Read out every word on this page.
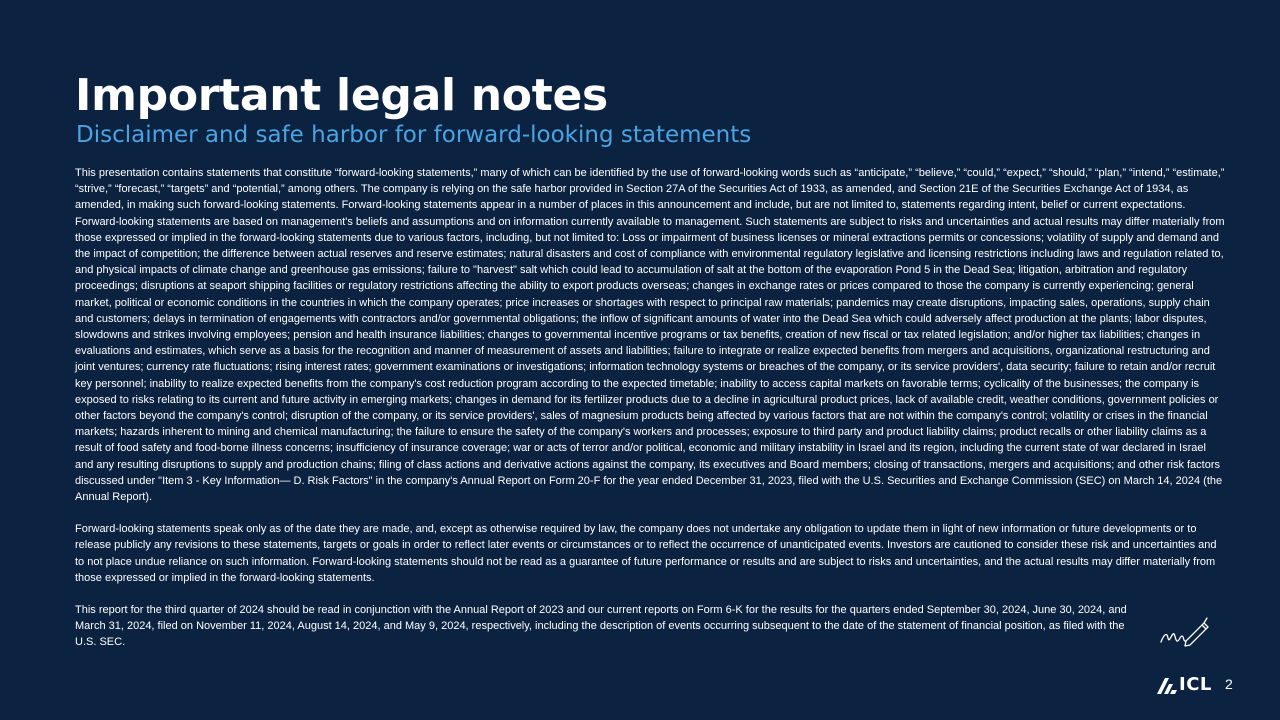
Important legal notes
Disclaimer and safe harbor for forward-looking statements

This presentation contains statements that constitute “forward-looking statements,” many of which can be identified by the use of forward-looking words such as “anticipate,” “believe,” “could,” “expect,” “should,” “plan,” “intend,” “estimate,” “strive,” “forecast,” “targets” and “potential,” among others. The company is relying on the safe harbor provided in Section 27A of the Securities Act of 1933, as amended, and Section 21E of the Securities Exchange Act of 1934, as amended, in making such forward-looking statements. Forward-looking statements appear in a number of places in this announcement and include, but are not limited to, statements regarding intent, belief or current expectations. Forward-looking statements are based on management's beliefs and assumptions and on information currently available to management. Such statements are subject to risks and uncertainties and actual results may differ materially from those expressed or implied in the forward-looking statements due to various factors, including, but not limited to: Loss or impairment of business licenses or mineral extractions permits or concessions; volatility of supply and demand and the impact of competition; the difference between actual reserves and reserve estimates; natural disasters and cost of compliance with environmental regulatory legislative and licensing restrictions including laws and regulation related to, and physical impacts of climate change and greenhouse gas emissions; failure to "harvest" salt which could lead to accumulation of salt at the bottom of the evaporation Pond 5 in the Dead Sea; litigation, arbitration and regulatory proceedings; disruptions at seaport shipping facilities or regulatory restrictions affecting the ability to export products overseas; changes in exchange rates or prices compared to those the company is currently experiencing; general market, political or economic conditions in the countries in which the company operates; price increases or shortages with respect to principal raw materials; pandemics may create disruptions, impacting sales, operations, supply chain and customers; delays in termination of engagements with contractors and/or governmental obligations; the inflow of significant amounts of water into the Dead Sea which could adversely affect production at the plants; labor disputes, slowdowns and strikes involving employees; pension and health insurance liabilities; changes to governmental incentive programs or tax benefits, creation of new fiscal or tax related legislation; and/or higher tax liabilities; changes in evaluations and estimates, which serve as a basis for the recognition and manner of measurement of assets and liabilities; failure to integrate or realize expected benefits from mergers and acquisitions, organizational restructuring and joint ventures; currency rate fluctuations; rising interest rates; government examinations or investigations; information technology systems or breaches of the company, or its service providers', data security; failure to retain and/or recruit key personnel; inability to realize expected benefits from the company's cost reduction program according to the expected timetable; inability to access capital markets on favorable terms; cyclicality of the businesses; the company is exposed to risks relating to its current and future activity in emerging markets; changes in demand for its fertilizer products due to a decline in agricultural product prices, lack of available credit, weather conditions, government policies or other factors beyond the company's control; disruption of the company, or its service providers', sales of magnesium products being affected by various factors that are not within the company's control; volatility or crises in the financial markets; hazards inherent to mining and chemical manufacturing; the failure to ensure the safety of the company's workers and processes; exposure to third party and product liability claims; product recalls or other liability claims as a result of food safety and food-borne illness concerns; insufficiency of insurance coverage; war or acts of terror and/or political, economic and military instability in Israel and its region, including the current state of war declared in Israel and any resulting disruptions to supply and production chains; filing of class actions and derivative actions against the company, its executives and Board members; closing of transactions, mergers and acquisitions; and other risk factors discussed under "Item 3 - Key Information— D. Risk Factors" in the company's Annual Report on Form 20-F for the year ended December 31, 2023, filed with the U.S. Securities and Exchange Commission (SEC) on March 14, 2024 (the Annual Report).

Forward-looking statements speak only as of the date they are made, and, except as otherwise required by law, the company does not undertake any obligation to update them in light of new information or future developments or to release publicly any revisions to these statements, targets or goals in order to reflect later events or circumstances or to reflect the occurrence of unanticipated events. Investors are cautioned to consider these risk and uncertainties and to not place undue reliance on such information. Forward-looking statements should not be read as a guarantee of future performance or results and are subject to risks and uncertainties, and the actual results may differ materially from those expressed or implied in the forward-looking statements.

This report for the third quarter of 2024 should be read in conjunction with the Annual Report of 2023 and our current reports on Form 6-K for the results for the quarters ended September 30, 2024, June 30, 2024, and March 31, 2024, filed on November 11, 2024, August 14, 2024, and May 9, 2024, respectively, including the description of events occurring subsequent to the date of the statement of financial position, as filed with the U.S. SEC.

ICL 2
